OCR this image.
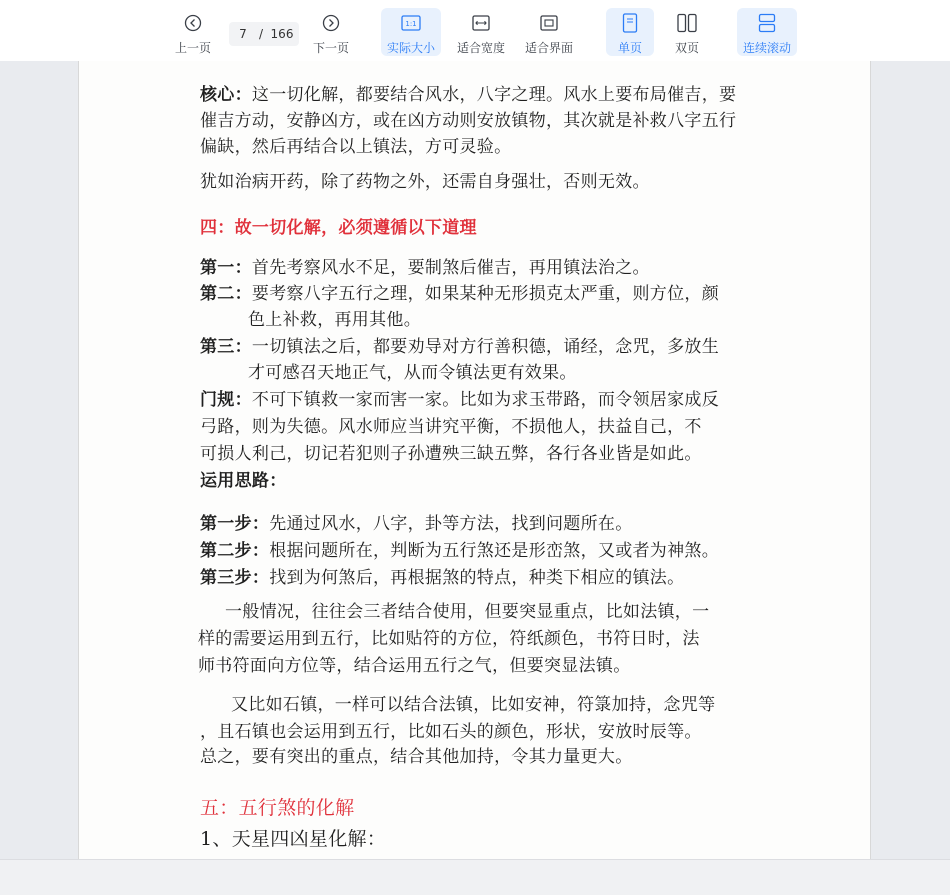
上一页
7	/ 166
下一页
1:1
实际大小 适合宽度 适合界面	单页	双页	连续滚动
核心：这一切化解，都要结合风水，八字之理。风水上要布局催吉，要
催吉方动，安静凶方，或在凶方动则安放镇物，其次就是补救八字五行
偏缺，然后再结合以上镇法，方可灵验。
犹如治病开药，除了药物之外，还需自身强壮，否则无效。
四：故一切化解，必须遵循以下道理
第一：首先考察风水不足，要制煞后催吉，再用镇法治之。
第二：要考察八字五行之理，如果某种无形损克太严重，则方位，颜
色上补救，再用其他。
第三：一切镇法之后，都要劝导对方行善积德，诵经，念咒，多放生
才可感召天地正气，从而令镇法更有效果。
门规：不可下镇救一家而害一家。比如为求玉带路，而令领居家成反
弓路，则为失德。风水师应当讲究平衡，不损他人，扶益自己，不
可损人利己，切记若犯则子孙遭殃三缺五弊，各行各业皆是如此。
运用思路：
第一步：先通过风水，八字，卦等方法，找到问题所在。
第二步：根据问题所在，判断为五行煞还是形峦煞，又或者为神煞。
第三步：找到为何煞后，再根据煞的特点，种类下相应的镇法。
一般情况，往往会三者结合使用，但要突显重点，比如法镇，一
样的需要运用到五行，比如贴符的方位，符纸颜色，书符日时，法
师书符面向方位等，结合运用五行之气，但要突显法镇。
又比如石镇，一样可以结合法镇，比如安神，符箓加持，念咒等
，且石镇也会运用到五行，比如石头的颜色，形状，安放时辰等。
总之，要有突出的重点，结合其他加持，令其力量更大。
五：五行煞的化解
1、天星四凶星化解：
